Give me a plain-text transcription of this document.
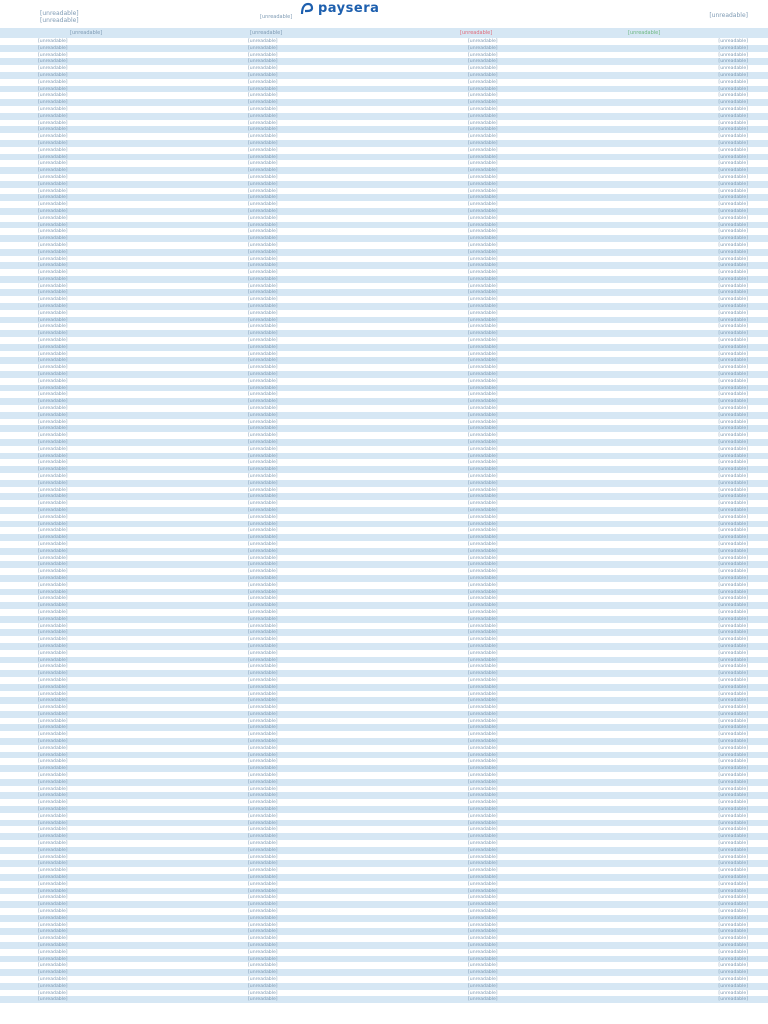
paysera
[unreadable]
[unreadable]	[unreadable]	[unreadable]
[unreadable]	[unreadable]	[unreadable]	[unreadable]
[unreadable]	[unreadable]	[unreadable]	[unreadable]
[unreadable]	[unreadable]	[unreadable]	[unreadable]
[unreadable]	[unreadable]	[unreadable]	[unreadable]
[unreadable]	[unreadable]	[unreadable]	[unreadable]
[unreadable]	[unreadable]	[unreadable]	[unreadable]
[unreadable]	[unreadable]	[unreadable]	[unreadable]
[unreadable]	[unreadable]	[unreadable]	[unreadable]
[unreadable]	[unreadable]	[unreadable]	[unreadable]
[unreadable]	[unreadable]	[unreadable]	[unreadable]
[unreadable]	[unreadable]	[unreadable]	[unreadable]
[unreadable]	[unreadable]	[unreadable]	[unreadable]
[unreadable]	[unreadable]	[unreadable]	[unreadable]
[unreadable]	[unreadable]	[unreadable]	[unreadable]
[unreadable]	[unreadable]	[unreadable]	[unreadable]
[unreadable]	[unreadable]	[unreadable]	[unreadable]
[unreadable]	[unreadable]	[unreadable]	[unreadable]
[unreadable]	[unreadable]	[unreadable]	[unreadable]
[unreadable]	[unreadable]	[unreadable]	[unreadable]
[unreadable]	[unreadable]	[unreadable]	[unreadable]
[unreadable]	[unreadable]	[unreadable]	[unreadable]
[unreadable]	[unreadable]	[unreadable]	[unreadable]
[unreadable]	[unreadable]	[unreadable]	[unreadable]
[unreadable]	[unreadable]	[unreadable]	[unreadable]
[unreadable]	[unreadable]	[unreadable]	[unreadable]
[unreadable]	[unreadable]	[unreadable]	[unreadable]
[unreadable]	[unreadable]	[unreadable]	[unreadable]
[unreadable]	[unreadable]	[unreadable]	[unreadable]
[unreadable]	[unreadable]	[unreadable]	[unreadable]
[unreadable]	[unreadable]	[unreadable]	[unreadable]
[unreadable]	[unreadable]	[unreadable]	[unreadable]
[unreadable]	[unreadable]	[unreadable]	[unreadable]
[unreadable]	[unreadable]	[unreadable]	[unreadable]
[unreadable]	[unreadable]	[unreadable]	[unreadable]
[unreadable]	[unreadable]	[unreadable]	[unreadable]
[unreadable]	[unreadable]	[unreadable]	[unreadable]
[unreadable]	[unreadable]	[unreadable]	[unreadable]
[unreadable]	[unreadable]	[unreadable]	[unreadable]
[unreadable]	[unreadable]	[unreadable]	[unreadable]
[unreadable]	[unreadable]	[unreadable]	[unreadable]
[unreadable]	[unreadable]	[unreadable]	[unreadable]
[unreadable]	[unreadable]	[unreadable]	[unreadable]
[unreadable]	[unreadable]	[unreadable]	[unreadable]
[unreadable]	[unreadable]	[unreadable]	[unreadable]
[unreadable]	[unreadable]	[unreadable]	[unreadable]
[unreadable]	[unreadable]	[unreadable]	[unreadable]
[unreadable]	[unreadable]	[unreadable]	[unreadable]
[unreadable]	[unreadable]	[unreadable]	[unreadable]
[unreadable]	[unreadable]	[unreadable]	[unreadable]
[unreadable]	[unreadable]	[unreadable]	[unreadable]
[unreadable]	[unreadable]	[unreadable]	[unreadable]
[unreadable]	[unreadable]	[unreadable]	[unreadable]
[unreadable]	[unreadable]	[unreadable]	[unreadable]
[unreadable]	[unreadable]	[unreadable]	[unreadable]
[unreadable]	[unreadable]	[unreadable]	[unreadable]
[unreadable]	[unreadable]	[unreadable]	[unreadable]
[unreadable]	[unreadable]	[unreadable]	[unreadable]
[unreadable]	[unreadable]	[unreadable]	[unreadable]
[unreadable]	[unreadable]	[unreadable]	[unreadable]
[unreadable]	[unreadable]	[unreadable]	[unreadable]
[unreadable]	[unreadable]	[unreadable]	[unreadable]
[unreadable]	[unreadable]	[unreadable]	[unreadable]
[unreadable]	[unreadable]	[unreadable]	[unreadable]
[unreadable]	[unreadable]	[unreadable]	[unreadable]
[unreadable]	[unreadable]	[unreadable]	[unreadable]
[unreadable]	[unreadable]	[unreadable]	[unreadable]
[unreadable]	[unreadable]	[unreadable]	[unreadable]
[unreadable]	[unreadable]	[unreadable]	[unreadable]
[unreadable]	[unreadable]	[unreadable]	[unreadable]
[unreadable]	[unreadable]	[unreadable]	[unreadable]
[unreadable]	[unreadable]	[unreadable]	[unreadable]
[unreadable]	[unreadable]	[unreadable]	[unreadable]
[unreadable]	[unreadable]	[unreadable]	[unreadable]
[unreadable]	[unreadable]	[unreadable]	[unreadable]
[unreadable]	[unreadable]	[unreadable]	[unreadable]
[unreadable]	[unreadable]	[unreadable]	[unreadable]
[unreadable]	[unreadable]	[unreadable]	[unreadable]
[unreadable]	[unreadable]	[unreadable]	[unreadable]
[unreadable]	[unreadable]	[unreadable]	[unreadable]
[unreadable]	[unreadable]	[unreadable]	[unreadable]
[unreadable]	[unreadable]	[unreadable]	[unreadable]
[unreadable]	[unreadable]	[unreadable]	[unreadable]
[unreadable]	[unreadable]	[unreadable]	[unreadable]
[unreadable]	[unreadable]	[unreadable]	[unreadable]
[unreadable]	[unreadable]	[unreadable]	[unreadable]
[unreadable]	[unreadable]	[unreadable]	[unreadable]
[unreadable]	[unreadable]	[unreadable]	[unreadable]
[unreadable]	[unreadable]	[unreadable]	[unreadable]
[unreadable]	[unreadable]	[unreadable]	[unreadable]
[unreadable]	[unreadable]	[unreadable]	[unreadable]
[unreadable]	[unreadable]	[unreadable]	[unreadable]
[unreadable]	[unreadable]	[unreadable]	[unreadable]
[unreadable]	[unreadable]	[unreadable]	[unreadable]
[unreadable]	[unreadable]	[unreadable]	[unreadable]
[unreadable]	[unreadable]	[unreadable]	[unreadable]
[unreadable]	[unreadable]	[unreadable]	[unreadable]
[unreadable]	[unreadable]	[unreadable]	[unreadable]
[unreadable]	[unreadable]	[unreadable]	[unreadable]
[unreadable]	[unreadable]	[unreadable]	[unreadable]
[unreadable]	[unreadable]	[unreadable]	[unreadable]
[unreadable]	[unreadable]	[unreadable]	[unreadable]
[unreadable]	[unreadable]	[unreadable]	[unreadable]
[unreadable]	[unreadable]	[unreadable]	[unreadable]
[unreadable]	[unreadable]	[unreadable]	[unreadable]
[unreadable]	[unreadable]	[unreadable]	[unreadable]
[unreadable]	[unreadable]	[unreadable]	[unreadable]
[unreadable]	[unreadable]	[unreadable]	[unreadable]
[unreadable]	[unreadable]	[unreadable]	[unreadable]
[unreadable]	[unreadable]	[unreadable]	[unreadable]
[unreadable]	[unreadable]	[unreadable]	[unreadable]
[unreadable]	[unreadable]	[unreadable]	[unreadable]
[unreadable]	[unreadable]	[unreadable]	[unreadable]
[unreadable]	[unreadable]	[unreadable]	[unreadable]
[unreadable]	[unreadable]	[unreadable]	[unreadable]
[unreadable]	[unreadable]	[unreadable]	[unreadable]
[unreadable]	[unreadable]	[unreadable]	[unreadable]
[unreadable]	[unreadable]	[unreadable]	[unreadable]
[unreadable]	[unreadable]	[unreadable]	[unreadable]
[unreadable]	[unreadable]	[unreadable]	[unreadable]
[unreadable]	[unreadable]	[unreadable]	[unreadable]
[unreadable]	[unreadable]	[unreadable]	[unreadable]
[unreadable]	[unreadable]	[unreadable]	[unreadable]
[unreadable]	[unreadable]	[unreadable]	[unreadable]
[unreadable]	[unreadable]	[unreadable]	[unreadable]
[unreadable]	[unreadable]	[unreadable]	[unreadable]
[unreadable]	[unreadable]	[unreadable]	[unreadable]
[unreadable]	[unreadable]	[unreadable]	[unreadable]
[unreadable]	[unreadable]	[unreadable]	[unreadable]
[unreadable]	[unreadable]	[unreadable]	[unreadable]
[unreadable]	[unreadable]	[unreadable]	[unreadable]
[unreadable]	[unreadable]	[unreadable]	[unreadable]
[unreadable]	[unreadable]	[unreadable]	[unreadable]
[unreadable]	[unreadable]	[unreadable]	[unreadable]
[unreadable]	[unreadable]	[unreadable]	[unreadable]
[unreadable]	[unreadable]	[unreadable]	[unreadable]
[unreadable]	[unreadable]	[unreadable]	[unreadable]
[unreadable]	[unreadable]	[unreadable]	[unreadable]
[unreadable]	[unreadable]	[unreadable]	[unreadable]
[unreadable]	[unreadable]	[unreadable]	[unreadable]
[unreadable]	[unreadable]	[unreadable]	[unreadable]
[unreadable]	[unreadable]	[unreadable]	[unreadable]
[unreadable]	[unreadable]	[unreadable]	[unreadable]
[unreadable]	[unreadable]	[unreadable]	[unreadable]
